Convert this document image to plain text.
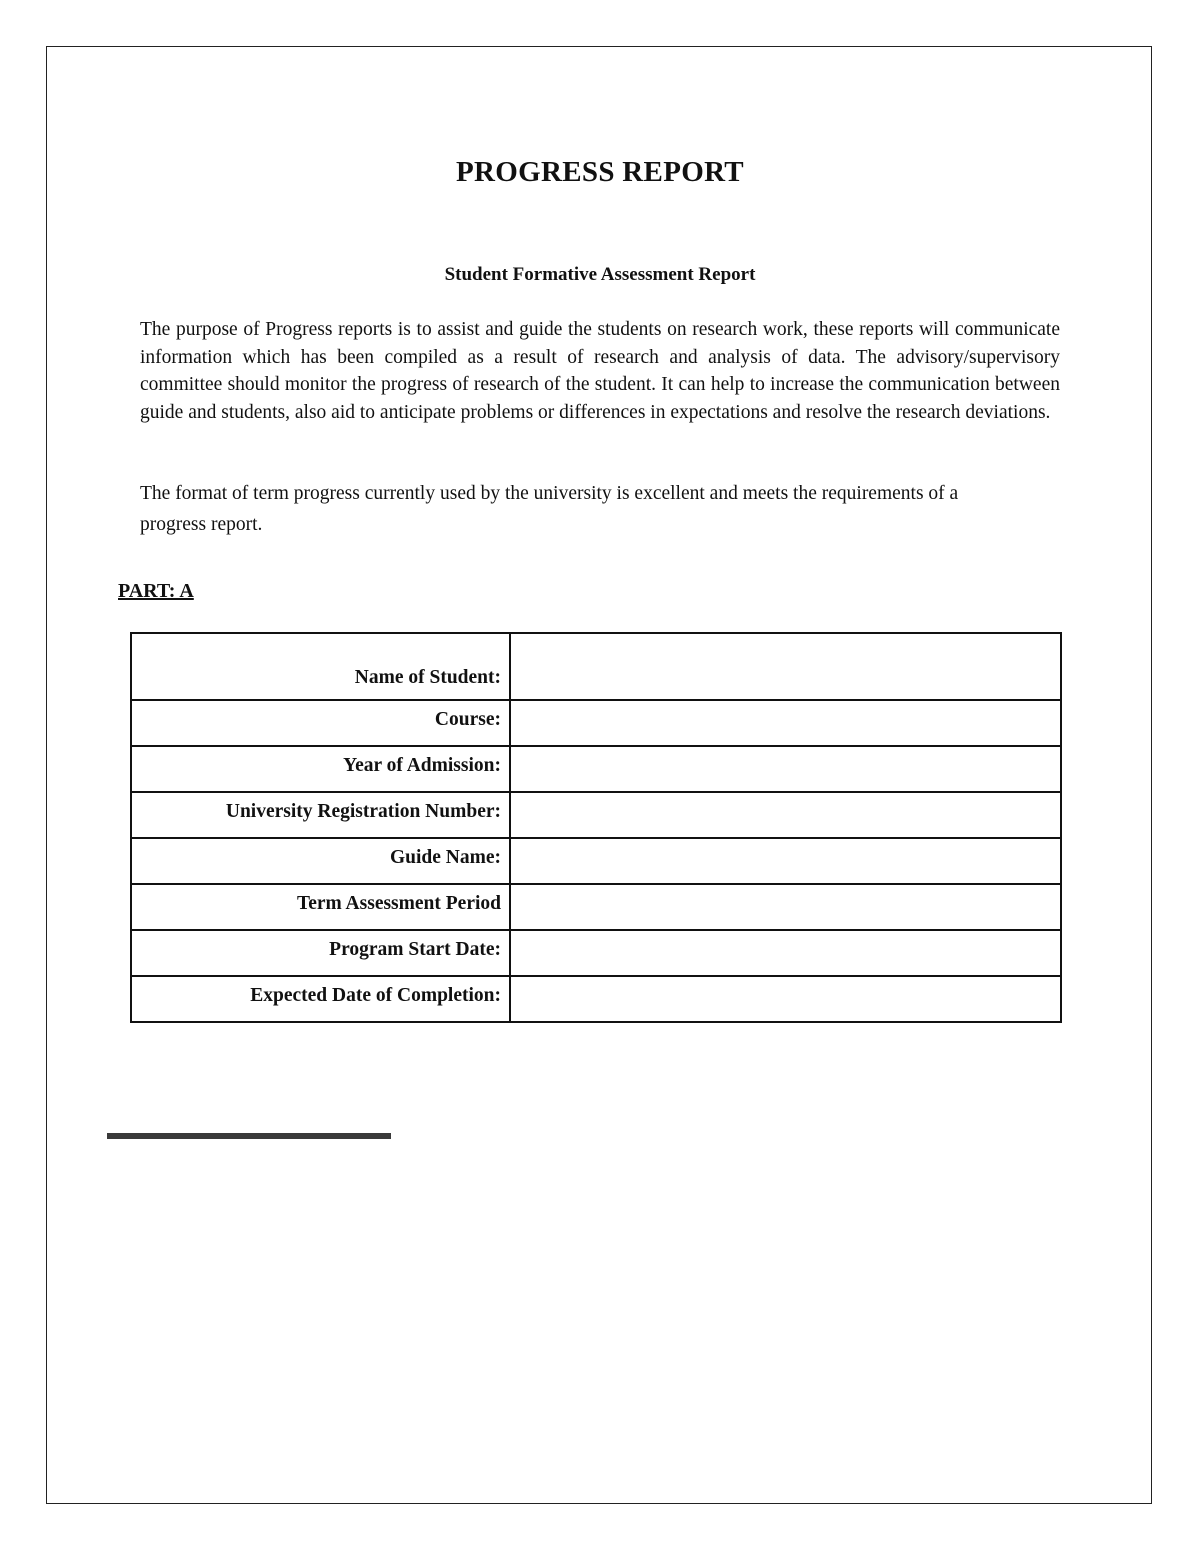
PROGRESS REPORT
Student Formative Assessment Report

The purpose of Progress reports is to assist and guide the students on research work, these reports will communicate information which has been compiled as a result of research and analysis of data. The advisory/supervisory committee should monitor the progress of research of the student. It can help to increase the communication between guide and students, also aid to anticipate problems or differences in expectations and resolve the research deviations.

The format of term progress currently used by the university is excellent and meets the requirements of a progress report.

PART: A
Name of Student:	
Course:	
Year of Admission:	
University Registration Number:	
Guide Name:	
Term Assessment Period	
Program Start Date:	
Expected Date of Completion:	
